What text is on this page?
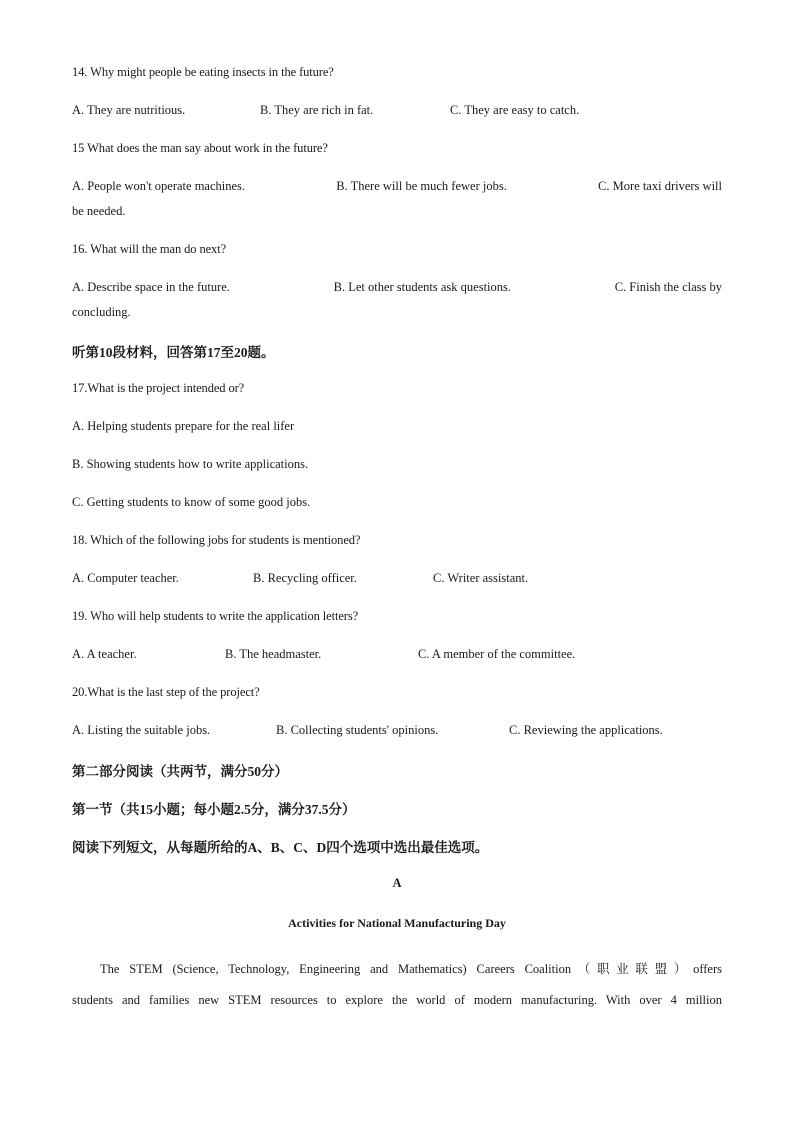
14. Why might people be eating insects in the future?
A. They are nutritious.	B. They are rich in fat.	C. They are easy to catch.
15 What does the man say about work in the future?
A. People won't operate machines.	B. There will be much fewer jobs.	C. More taxi drivers will
be needed.
16. What will the man do next?
A. Describe space in the future.	B. Let other students ask questions.	C. Finish the class by
concluding.
听第10段材料，回答第17至20题。
17.What is the project intended or?
A. Helping students prepare for the real lifer
B. Showing students how to write applications.
C. Getting students to know of some good jobs.
18. Which of the following jobs for students is mentioned?
A. Computer teacher.	B. Recycling officer.	C. Writer assistant.
19. Who will help students to write the application letters?
A. A teacher.	B. The headmaster.	C. A member of the committee.
20.What is the last step of the project?
A. Listing the suitable jobs.	B. Collecting students' opinions.	C. Reviewing the applications.
第二部分阅读（共两节，满分50分）
第一节（共15小题；每小题2.5分，满分37.5分）
阅读下列短文，从每题所给的A、B、C、D四个选项中选出最佳选项。
A
Activities for National Manufacturing Day
The STEM (Science, Technology, Engineering and Mathematics) Careers Coalition（职业联盟）offers
students and families new STEM resources to explore the world of modern manufacturing. With over 4 million
